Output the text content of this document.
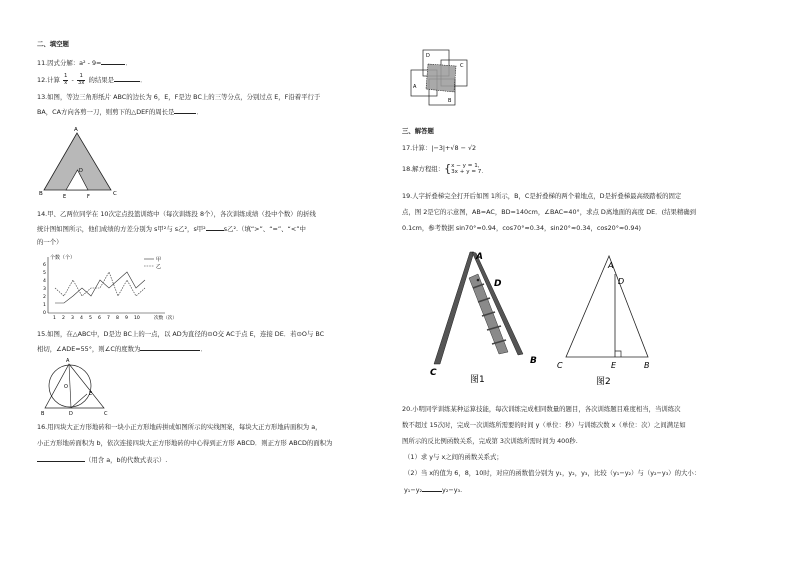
二、填空题
11.因式分解：a² - 9=	．
12.计算 $\frac{1}{x} - \frac{1}{3x}$ 的结果是	．
13.如图，等边三角形纸片 ABC的边长为 6，E，F是边 BC上的三等分点，分别过点 E，F沿着平行于
BA，CA方向各剪一刀，则剪下的△DEF的周长是	．
A
B	C
D
E	F
14.甲、乙两位同学在 10次定点投篮训练中（每次训练投 8个），各次训练成绩（投中个数）的折线
统计图如图所示，他们成绩的方差分别为 s甲²与 s乙²，s甲²	s乙².（填“>”、“=”、“<”中
的一个）
个数（个）
6
5
4
3
2
1
0
1 2 3 4 5 6 7 8 9 10
甲
乙
次数（次）
15.如图，在△ABC中，D是边 BC上的一点，以 AD为直径的⊙O交 AC于点 E，连接 DE．若⊙O与 BC
相切，∠ADE=55°，则∠C的度数为	．
A
O
E
B	D	C
16.用四块大正方形地砖和一块小正方形地砖拼成如图所示的实线图案，每块大正方形地砖面积为 a，
小正方形地砖面积为 b，依次连接四块大正方形地砖的中心得到正方形 ABCD．则正方形 ABCD的面积为
（用含 a，b的代数式表示）.
D
C
A
B
三、解答题
17.计算：|−3|+√8 − √2
18.解方程组：{ x − y = 1,
3x + y = 7.
19.人字折叠梯完全打开后如图 1所示，B，C是折叠梯的两个着地点，D是折叠梯最高级踏板的固定
点，图 2是它的示意图，AB=AC，BD=140cm，∠BAC=40°，求点 D离地面的高度 DE．(结果精确到
0.1cm，参考数据 sin70°≈0.94，cos70°≈0.34，sin20°≈0.34，cos20°≈0.94)
A
D
B
C
图1
A
D
C	E	B
图2
20.小明同学训练某种运算技能，每次训练完成相同数量的题目，各次训练题目难度相当，当训练次
数不超过 15次时，完成一次训练所需要的时间 y（单位：秒）与训练次数 x（单位：次）之间满足如
图所示的反比例函数关系，完成第 3次训练所需时间为 400秒.
（1）求 y与 x之间的函数关系式；
（2）当 x的值为 6，8，10时，对应的函数值分别为 y₁，y₂，y₃，比较（y₁−y₂）与（y₂−y₃）的大小：
y₁−y₂	y₂−y₃.
